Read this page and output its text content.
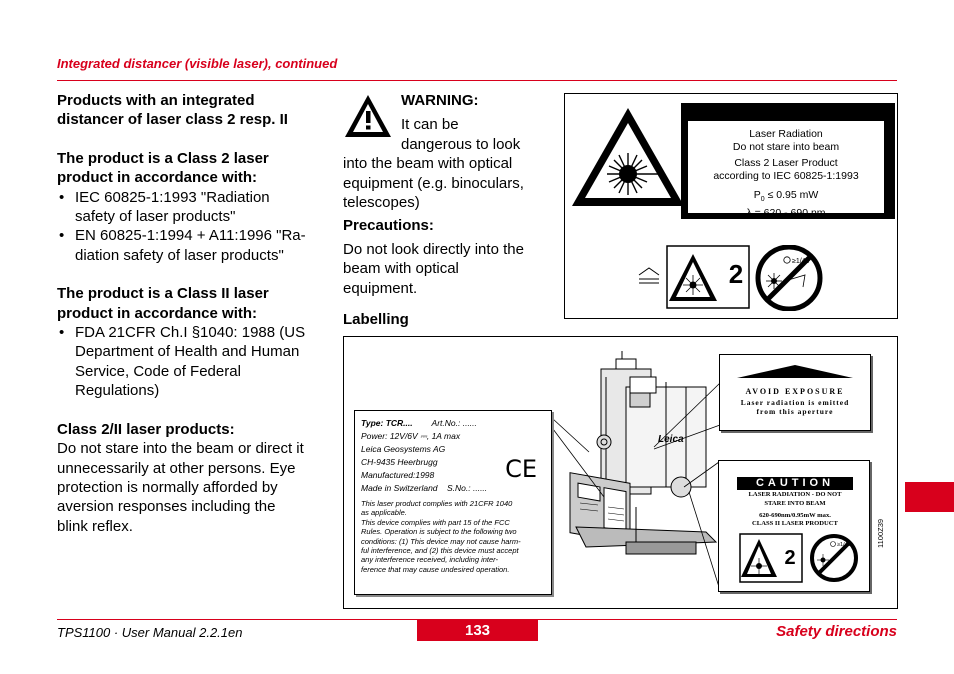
Integrated distancer (visible laser), continued
Products with an integrated
distancer of laser class 2 resp. II
The product is a Class 2 laser
product in accordance with:
• IEC 60825-1:1993 "Radiation
safety of laser products"
• EN 60825-1:1994 + A11:1996 "Ra-
diation safety of laser products"
The product is a Class II laser
product in accordance with:
• FDA 21CFR Ch.I §1040: 1988 (US
Department of Health and Human
Service, Code of Federal
Regulations)
Class 2/II laser products:
Do not stare into the beam or direct it
unnecessarily at other persons. Eye
protection is normally afforded by
aversion responses including the
blink reflex.
WARNING:
It can be
dangerous to look
into the beam with optical
equipment (e.g. binoculars,
telescopes)
Precautions:
Do not look directly into the
beam with optical
equipment.
Labelling
2	≥1/4s
Laser Radiation
Do not stare into beam
Class 2 Laser Product
according to IEC 60825-1:1993
$P_0 \le 0.95$ mW
λ = 620 - 690 nm
Leica
Type: TCR.... Art.No.: ......
Power: 12V/6V ⎓, 1A max
Leica Geosystems AG
CH-9435 Heerbrugg
Manufactured:1998
Made in Switzerland S.No.: ......
CE
This laser product complies with 21CFR 1040
as applicable.
This device complies with part 15 of the FCC
Rules. Operation is subject to the following two
conditions: (1) This device may not cause harm-
ful interference, and (2) this device must accept
any interference received, including inter-
ference that may cause undesired operation.
AVOID EXPOSURE
Laser radiation is emitted
from this aperture
CAUTION
LASER RADIATION - DO NOT
STARE INTO BEAM
620-690nm/0.95mW max.
CLASS II LASER PRODUCT
2
≥1/4s	1100Z39
TPS1100 · User Manual 2.2.1en	133	Safety directions
